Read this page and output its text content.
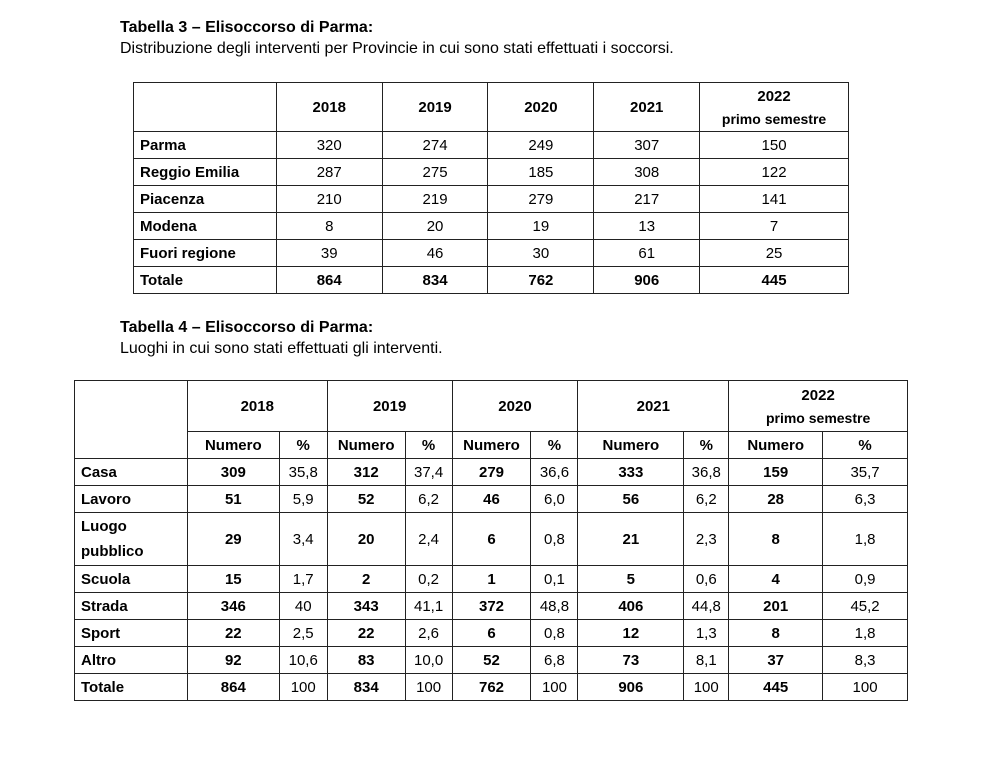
Tabella 3 – Elisoccorso di Parma:
Distribuzione degli interventi per Provincie in cui sono stati effettuati i soccorsi.
	2018	2019	2020	2021	2022
primo semestre

Parma	320	274	249	307	150
Reggio Emilia	287	275	185	308	122
Piacenza	210	219	279	217	141
Modena	8	20	19	13	7
Fuori regione	39	46	30	61	25
Totale	864	834	762	906	445
Tabella 4 – Elisoccorso di Parma:
Luoghi in cui sono stati effettuati gli interventi.
	2018		2019		2020		2021		2022
primo semestre	

	Numero	%	Numero	%	Numero	%	Numero	%	Numero	%
Casa	309	35,8	312	37,4	279	36,6	333	36,8	159	35,7
Lavoro	51	5,9	52	6,2	46	6,0	56	6,2	28	6,3

Luogo
pubblico	29	3,4	20	2,4	6	0,8	21	2,3	8	1,8
Scuola	15	1,7	2	0,2	1	0,1	5	0,6	4	0,9
Strada	346	40	343	41,1	372	48,8	406	44,8	201	45,2
Sport	22	2,5	22	2,6	6	0,8	12	1,3	8	1,8
Altro	92	10,6	83	10,0	52	6,8	73	8,1	37	8,3
Totale	864	100	834	100	762	100	906	100	445	100
